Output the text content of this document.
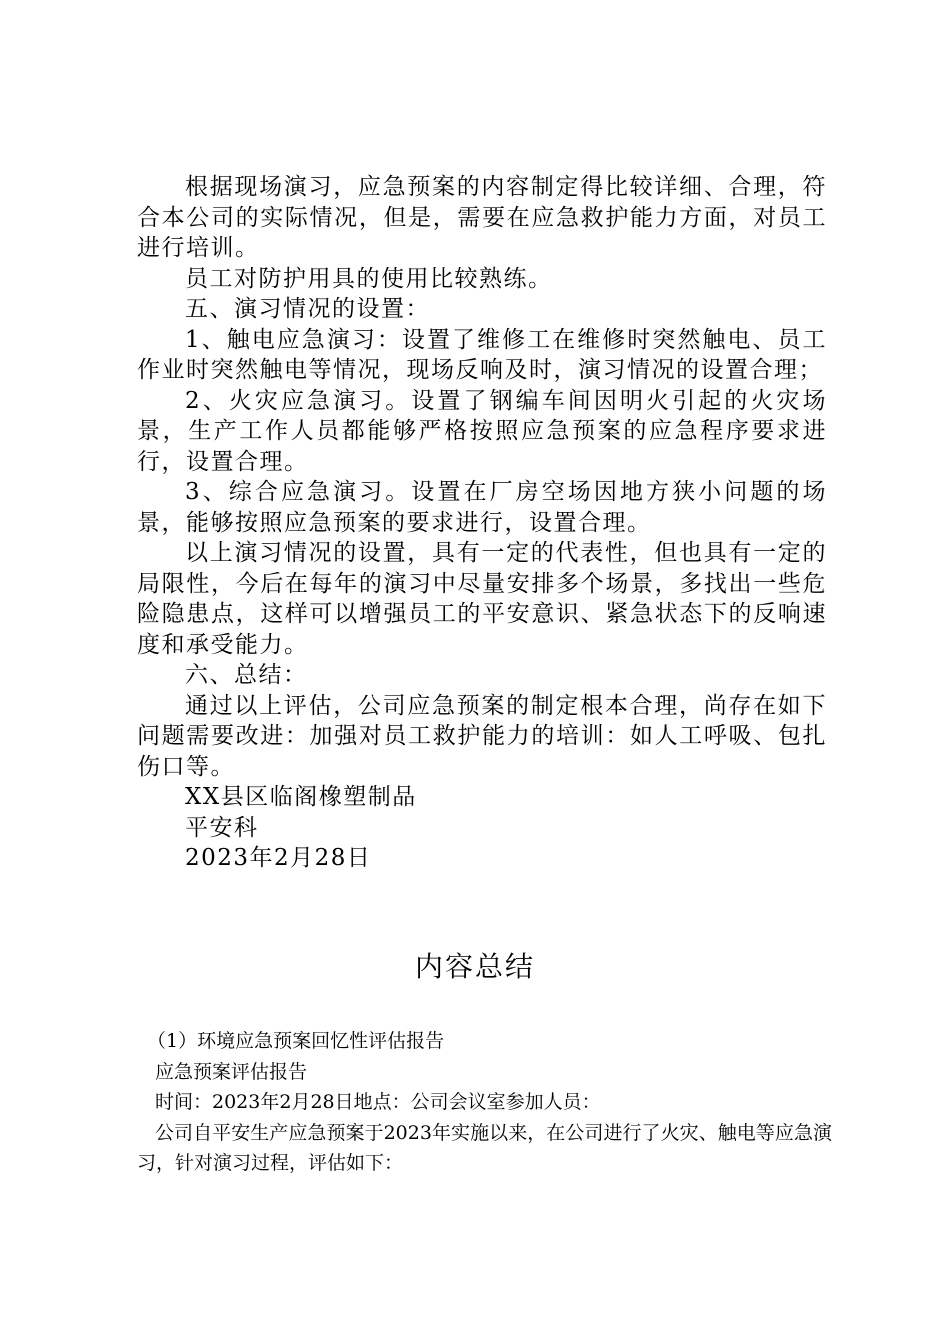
根据现场演习，应急预案的内容制定得比较详细、合理，符合本公司的实际情况，但是，需要在应急救护能力方面，对员工进行培训。

员工对防护用具的使用比较熟练。

五、演习情况的设置：

1、触电应急演习：设置了维修工在维修时突然触电、员工作业时突然触电等情况，现场反响及时，演习情况的设置合理；

2、火灾应急演习。设置了钢编车间因明火引起的火灾场景，生产工作人员都能够严格按照应急预案的应急程序要求进行，设置合理。

3、综合应急演习。设置在厂房空场因地方狭小问题的场景，能够按照应急预案的要求进行，设置合理。

以上演习情况的设置，具有一定的代表性，但也具有一定的局限性，今后在每年的演习中尽量安排多个场景，多找出一些危险隐患点，这样可以增强员工的平安意识、紧急状态下的反响速度和承受能力。

六、总结：

通过以上评估，公司应急预案的制定根本合理，尚存在如下问题需要改进：加强对员工救护能力的培训：如人工呼吸、包扎伤口等。

XX县区临阁橡塑制品

平安科

2023年2月28日

内容总结

（1）环境应急预案回忆性评估报告

应急预案评估报告

时间：2023年2月28日地点：公司会议室参加人员：

公司自平安生产应急预案于2023年实施以来，在公司进行了火灾、触电等应急演习，针对演习过程，评估如下：
